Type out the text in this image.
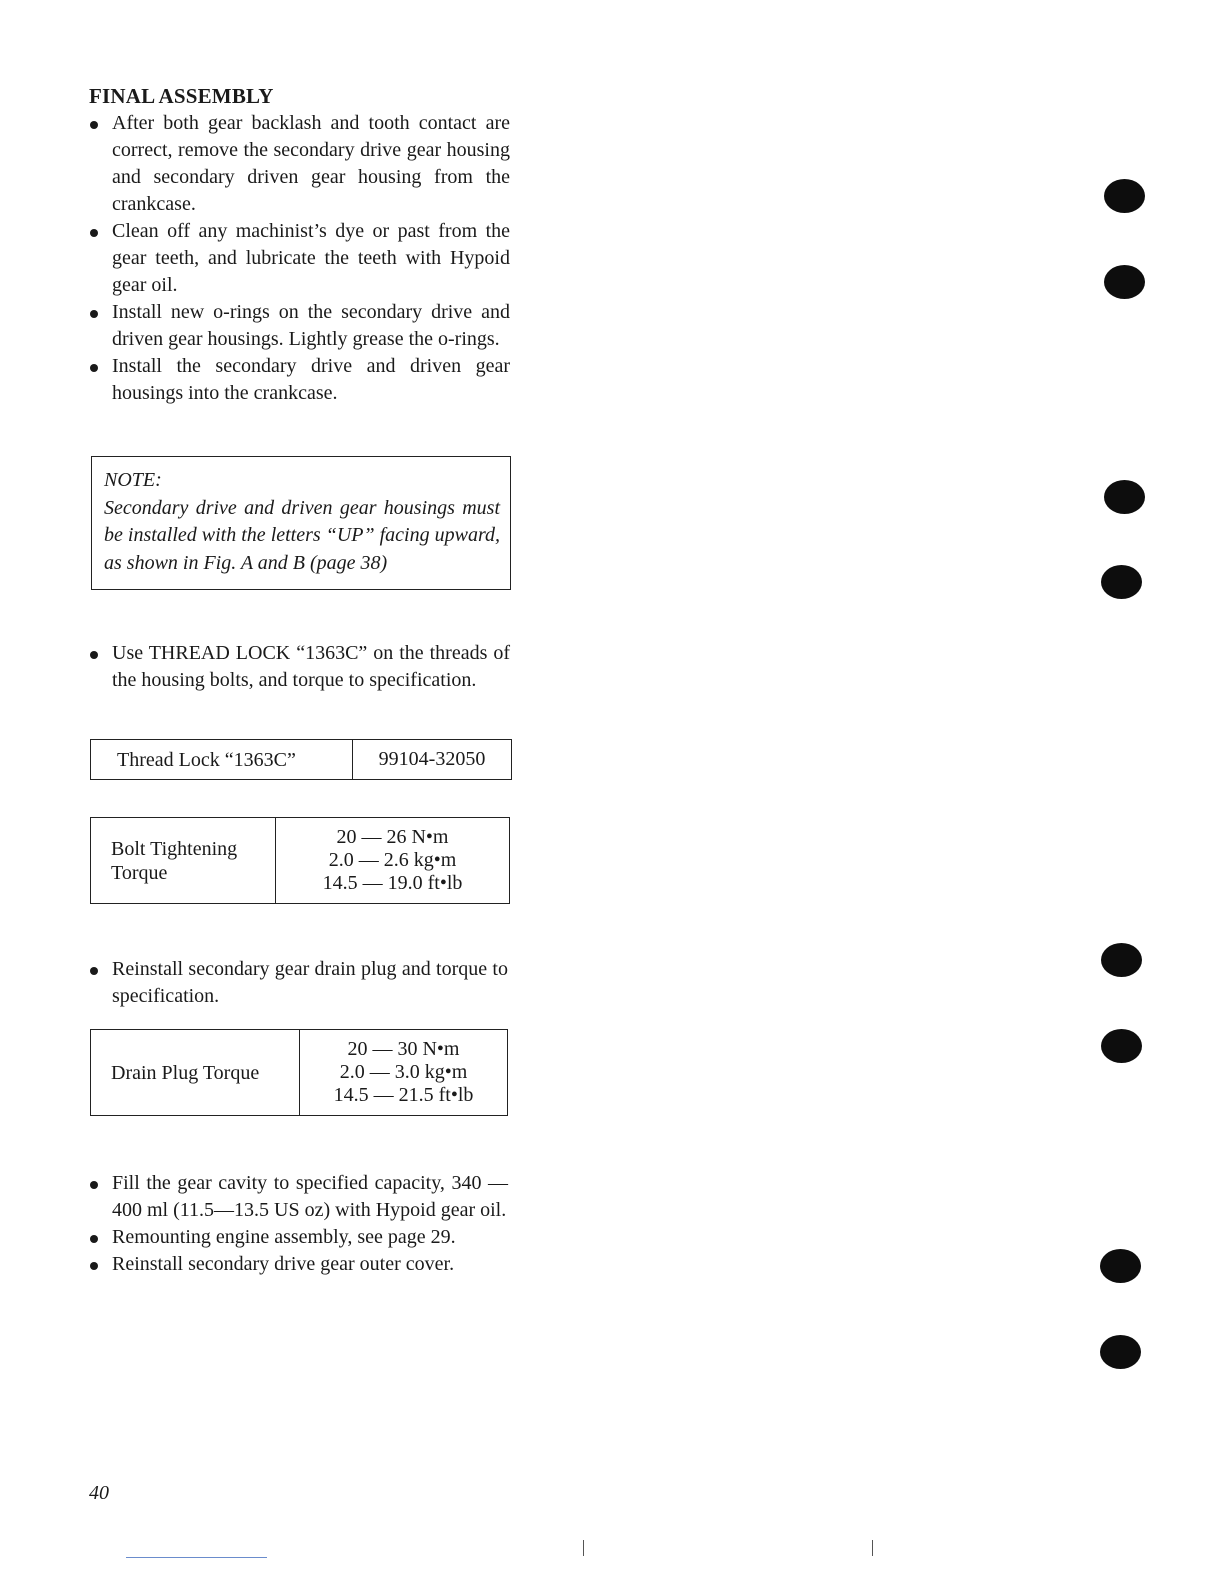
FINAL ASSEMBLY
After both gear backlash and tooth contact are correct, remove the secondary drive gear housing and secondary driven gear housing from the crankcase.
Clean off any machinist’s dye or past from the gear teeth, and lubricate the teeth with Hypoid gear oil.
Install new o-rings on the secondary drive and driven gear housings. Lightly grease the o-rings.
Install the secondary drive and driven gear housings into the crankcase.
NOTE:
Secondary drive and driven gear housings must be installed with the letters “UP” facing upward, as shown in Fig. A and B (page 38)
Use THREAD LOCK “1363C” on the threads of the housing bolts, and torque to specification.
Thread Lock “1363C”	99104-32050
Bolt Tightening
Torque

20 — 26 N•m
2.0 — 2.6 kg•m
14.5 — 19.0 ft•lb
Reinstall secondary gear drain plug and torque to specification.
Drain Plug Torque	
20 — 30 N•m
2.0 — 3.0 kg•m
14.5 — 21.5 ft•lb
Fill the gear cavity to specified capacity, 340 — 400 ml (11.5—13.5 US oz) with Hypoid gear oil.
Remounting engine assembly, see page 29.
Reinstall secondary drive gear outer cover.
40
